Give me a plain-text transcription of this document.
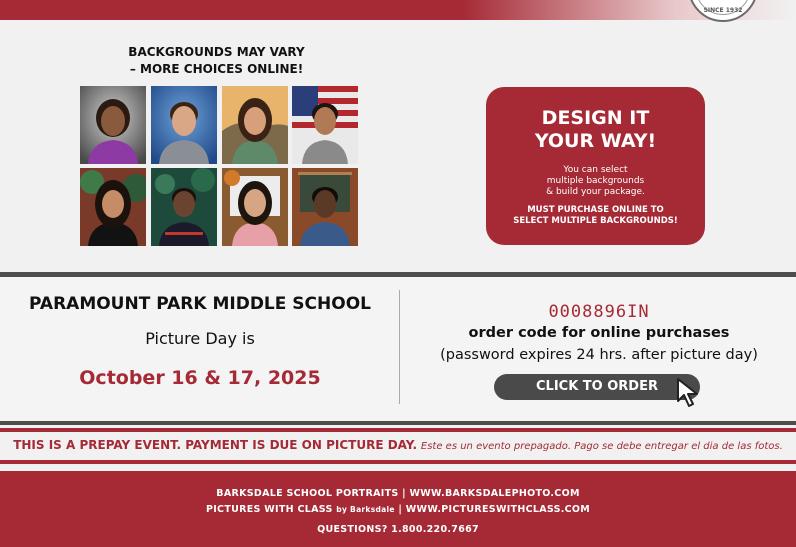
SINCE 1932
BACKGROUNDS MAY VARY
– MORE CHOICES ONLINE!
DESIGN IT
YOUR WAY!
You can select
multiple backgrounds
& build your package.
MUST PURCHASE ONLINE TO
SELECT MULTIPLE BACKGROUNDS!
PARAMOUNT PARK MIDDLE SCHOOL
Picture Day is
October 16 & 17, 2025
0008896IN
order code for online purchases
(password expires 24 hrs. after picture day)
CLICK TO ORDER
THIS IS A PREPAY EVENT. PAYMENT IS DUE ON PICTURE DAY. Este es un evento prepagado. Pago se debe entregar el dia de las fotos.
BARKSDALE SCHOOL PORTRAITS | WWW.BARKSDALEPHOTO.COM
PICTURES WITH CLASS by Barksdale | WWW.PICTURESWITHCLASS.COM
QUESTIONS? 1.800.220.7667
